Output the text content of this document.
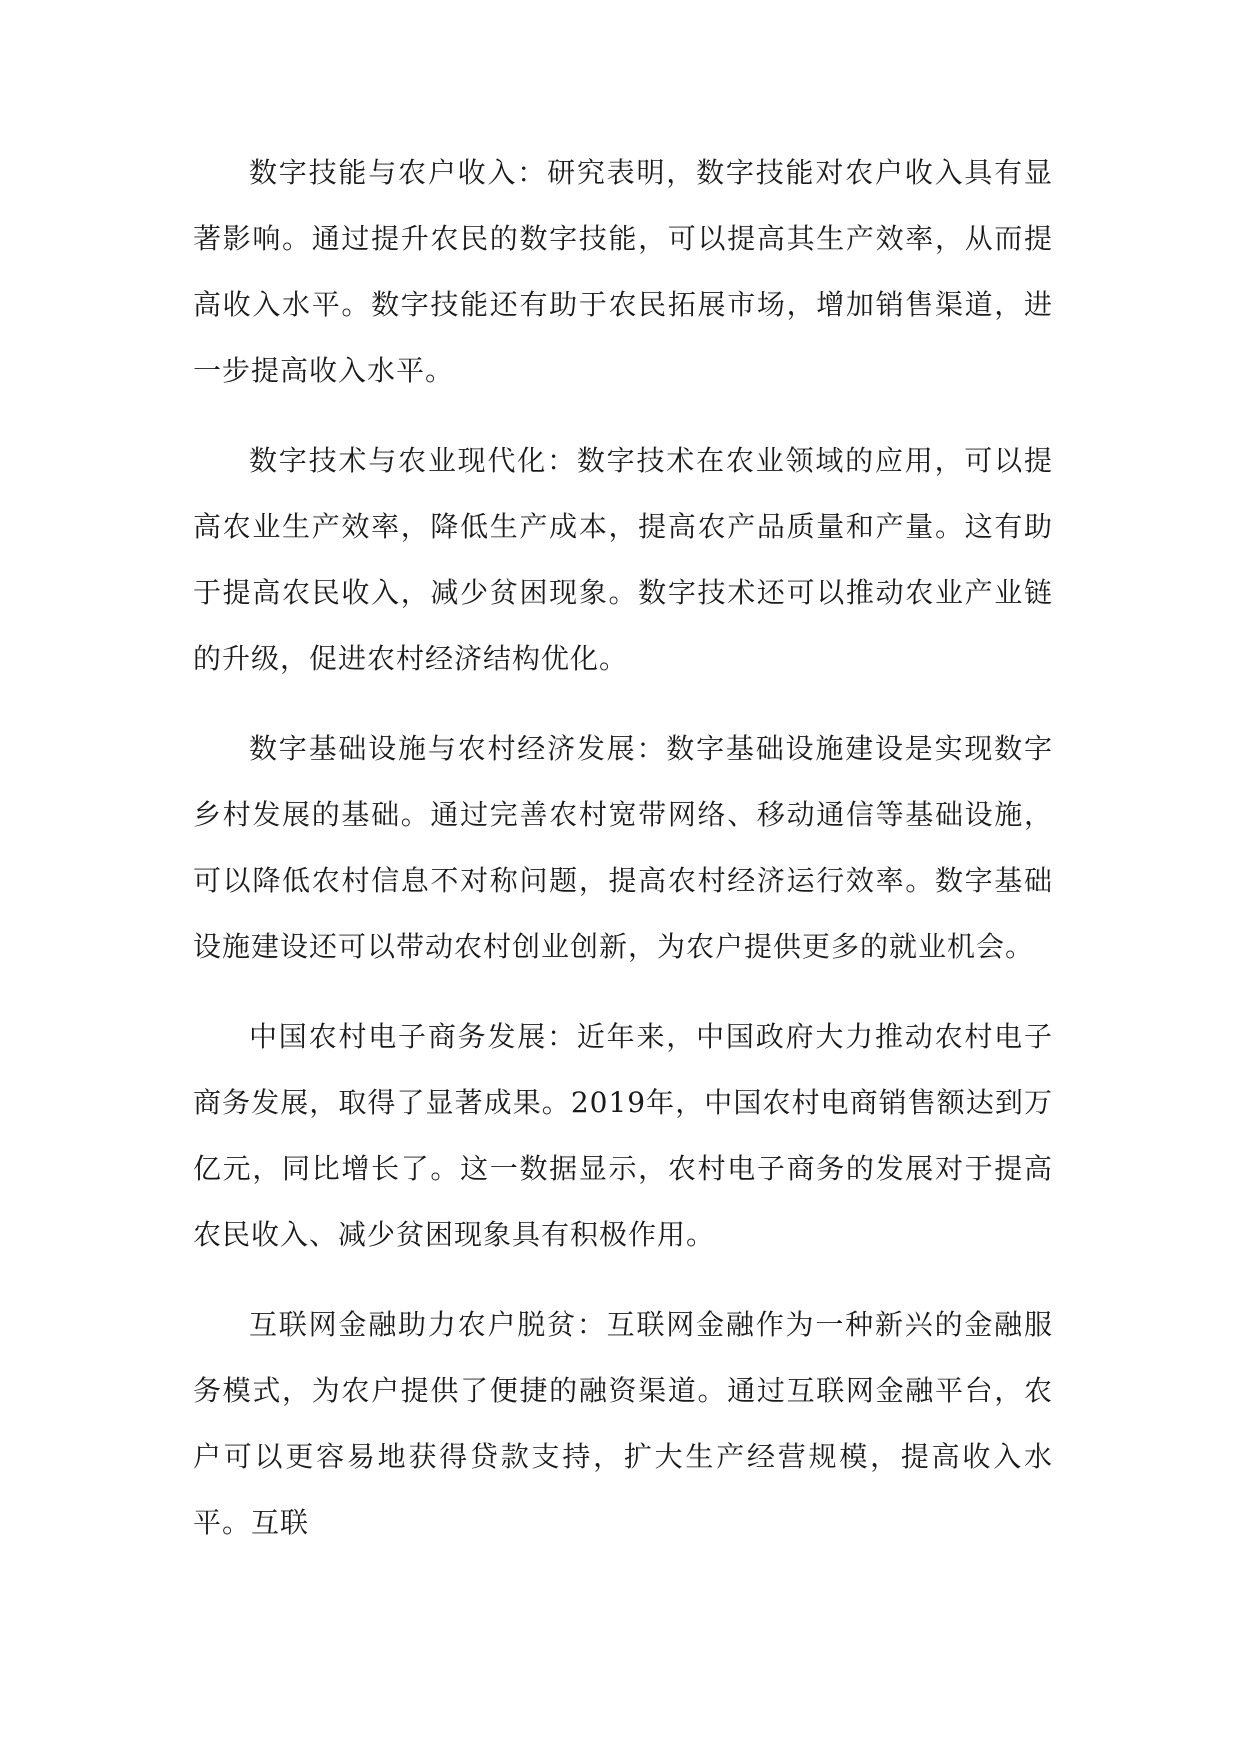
数字技能与农户收入：研究表明，数字技能对农户收入具有显著影响。通过提升农民的数字技能，可以提高其生产效率，从而提高收入水平。数字技能还有助于农民拓展市场，增加销售渠道，进一步提高收入水平。

数字技术与农业现代化：数字技术在农业领域的应用，可以提高农业生产效率，降低生产成本，提高农产品质量和产量。这有助于提高农民收入，减少贫困现象。数字技术还可以推动农业产业链的升级，促进农村经济结构优化。

数字基础设施与农村经济发展：数字基础设施建设是实现数字乡村发展的基础。通过完善农村宽带网络、移动通信等基础设施，可以降低农村信息不对称问题，提高农村经济运行效率。数字基础设施建设还可以带动农村创业创新，为农户提供更多的就业机会。

中国农村电子商务发展：近年来，中国政府大力推动农村电子商务发展，取得了显著成果。2019年，中国农村电商销售额达到万亿元，同比增长了。这一数据显示，农村电子商务的发展对于提高农民收入、减少贫困现象具有积极作用。

互联网金融助力农户脱贫：互联网金融作为一种新兴的金融服务模式，为农户提供了便捷的融资渠道。通过互联网金融平台，农户可以更容易地获得贷款支持，扩大生产经营规模，提高收入水平。互联
